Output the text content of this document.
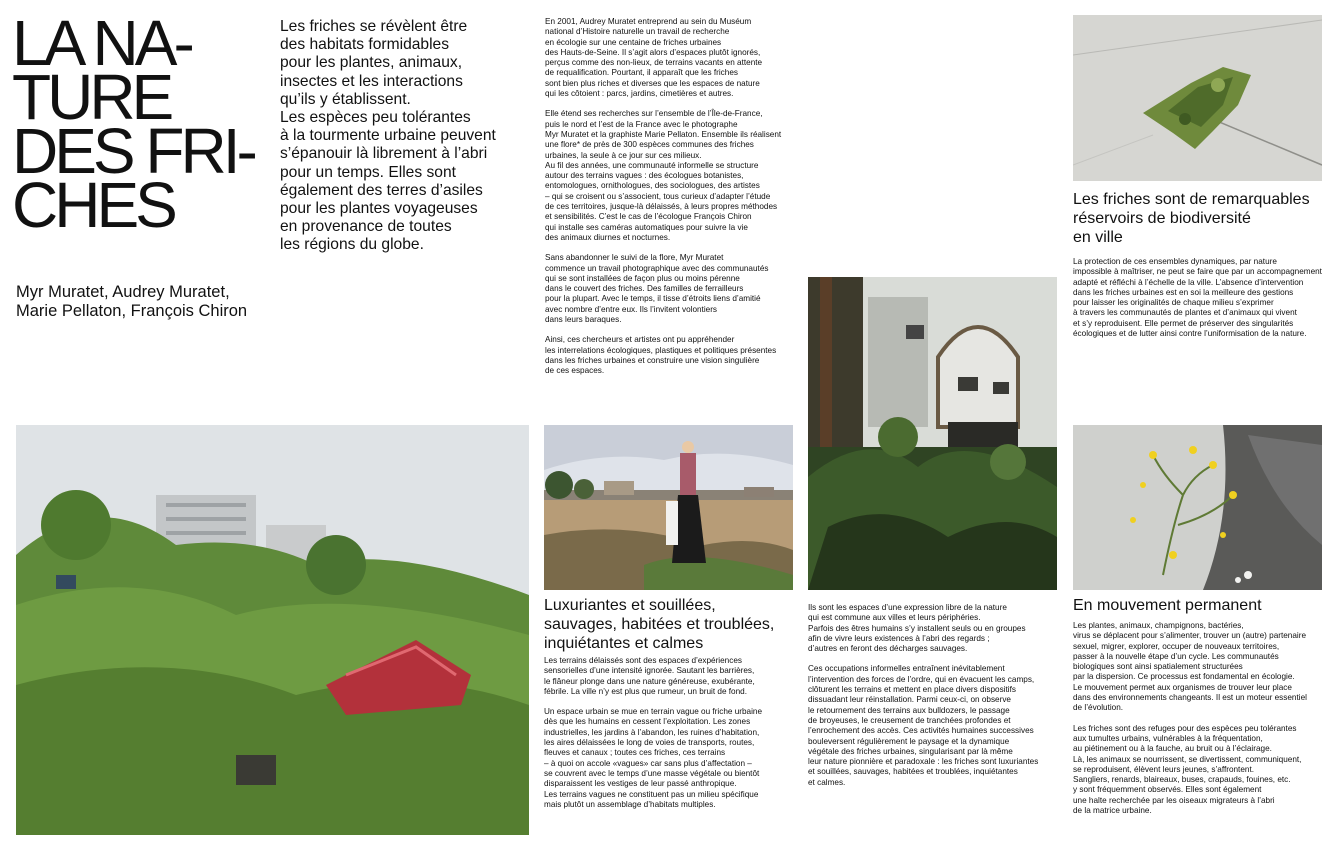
LA NA-
TURE
DES FRI-
CHES
Myr Muratet, Audrey Muratet,
Marie Pellaton, François Chiron
Les friches se révèlent être
des habitats formidables
pour les plantes, animaux,
insectes et les interactions
qu’ils y établissent.
Les espèces peu tolérantes
à la tourmente urbaine peuvent
s’épanouir là librement à l’abri
pour un temps. Elles sont
également des terres d’asiles
pour les plantes voyageuses
en provenance de toutes
les régions du globe.

En 2001, Audrey Muratet entreprend au sein du Muséum
national d’Histoire naturelle un travail de recherche
en écologie sur une centaine de friches urbaines
des Hauts-de-Seine. Il s’agit alors d’espaces plutôt ignorés,
perçus comme des non-lieux, de terrains vacants en attente
de requalification. Pourtant, il apparaît que les friches
sont bien plus riches et diverses que les espaces de nature
qui les côtoient : parcs, jardins, cimetières et autres.

Elle étend ses recherches sur l’ensemble de l’Île-de-France,
puis le nord et l’est de la France avec le photographe
Myr Muratet et la graphiste Marie Pellaton. Ensemble ils réalisent
une flore* de près de 300 espèces communes des friches
urbaines, la seule à ce jour sur ces milieux.
Au fil des années, une communauté informelle se structure
autour des terrains vagues : des écologues botanistes,
entomologues, ornithologues, des sociologues, des artistes
– qui se croisent ou s’associent, tous curieux d’adapter l’étude
de ces territoires, jusque-là délaissés, à leurs propres méthodes
et sensibilités. C’est le cas de l’écologue François Chiron
qui installe ses caméras automatiques pour suivre la vie
des animaux diurnes et nocturnes.

Sans abandonner le suivi de la flore, Myr Muratet
commence un travail photographique avec des communautés
qui se sont installées de façon plus ou moins pérenne
dans le couvert des friches. Des familles de ferrailleurs
pour la plupart. Avec le temps, il tisse d’étroits liens d’amitié
avec nombre d’entre eux. Ils l’invitent volontiers
dans leurs baraques.

Ainsi, ces chercheurs et artistes ont pu appréhender
les interrelations écologiques, plastiques et politiques présentes
dans les friches urbaines et construire une vision singulière
de ces espaces.

Les friches sont de remarquables
réservoirs de biodiversité
en ville

La protection de ces ensembles dynamiques, par nature
impossible à maîtriser, ne peut se faire que par un accompagnement
adapté et réfléchi à l’échelle de la ville. L’absence d’intervention
dans les friches urbaines est en soi la meilleure des gestions
pour laisser les originalités de chaque milieu s’exprimer
à travers les communautés de plantes et d’animaux qui vivent
et s’y reproduisent. Elle permet de préserver des singularités
écologiques et de lutter ainsi contre l’uniformisation de la nature.

Luxuriantes et souillées,
sauvages, habitées et troublées,
inquiétantes et calmes

Les terrains délaissés sont des espaces d’expériences
sensorielles d’une intensité ignorée. Sautant les barrières,
le flâneur plonge dans une nature généreuse, exubérante,
fébrile. La ville n’y est plus que rumeur, un bruit de fond.

Un espace urbain se mue en terrain vague ou friche urbaine
dès que les humains en cessent l’exploitation. Les zones
industrielles, les jardins à l’abandon, les ruines d’habitation,
les aires délaissées le long de voies de transports, routes,
fleuves et canaux ; toutes ces friches, ces terrains
– à quoi on accole «vagues» car sans plus d’affectation –
se couvrent avec le temps d’une masse végétale ou bientôt
disparaissent les vestiges de leur passé anthropique.
Les terrains vagues ne constituent pas un milieu spécifique
mais plutôt un assemblage d’habitats multiples.

Ils sont les espaces d’une expression libre de la nature
qui est commune aux villes et leurs périphéries.
Parfois des êtres humains s’y installent seuls ou en groupes
afin de vivre leurs existences à l’abri des regards ;
d’autres en feront des décharges sauvages.

Ces occupations informelles entraînent inévitablement
l’intervention des forces de l’ordre, qui en évacuent les camps,
clôturent les terrains et mettent en place divers dispositifs
dissuadant leur réinstallation. Parmi ceux-ci, on observe
le retournement des terrains aux bulldozers, le passage
de broyeuses, le creusement de tranchées profondes et
l’enrochement des accès. Ces activités humaines successives
bouleversent régulièrement le paysage et la dynamique
végétale des friches urbaines, singularisant par là même
leur nature pionnière et paradoxale : les friches sont luxuriantes
et souillées, sauvages, habitées et troublées, inquiétantes
et calmes.

En mouvement permanent

Les plantes, animaux, champignons, bactéries,
virus se déplacent pour s’alimenter, trouver un (autre) partenaire
sexuel, migrer, explorer, occuper de nouveaux territoires,
passer à la nouvelle étape d’un cycle. Les communautés
biologiques sont ainsi spatialement structurées
par la dispersion. Ce processus est fondamental en écologie.
Le mouvement permet aux organismes de trouver leur place
dans des environnements changeants. Il est un moteur essentiel
de l’évolution.

Les friches sont des refuges pour des espèces peu tolérantes
aux tumultes urbains, vulnérables à la fréquentation,
au piétinement ou à la fauche, au bruit ou à l’éclairage.
Là, les animaux se nourrissent, se divertissent, communiquent,
se reproduisent, élèvent leurs jeunes, s’affrontent.
Sangliers, renards, blaireaux, buses, crapauds, fouines, etc.
y sont fréquemment observés. Elles sont également
une halte recherchée par les oiseaux migrateurs à l’abri
de la matrice urbaine.
